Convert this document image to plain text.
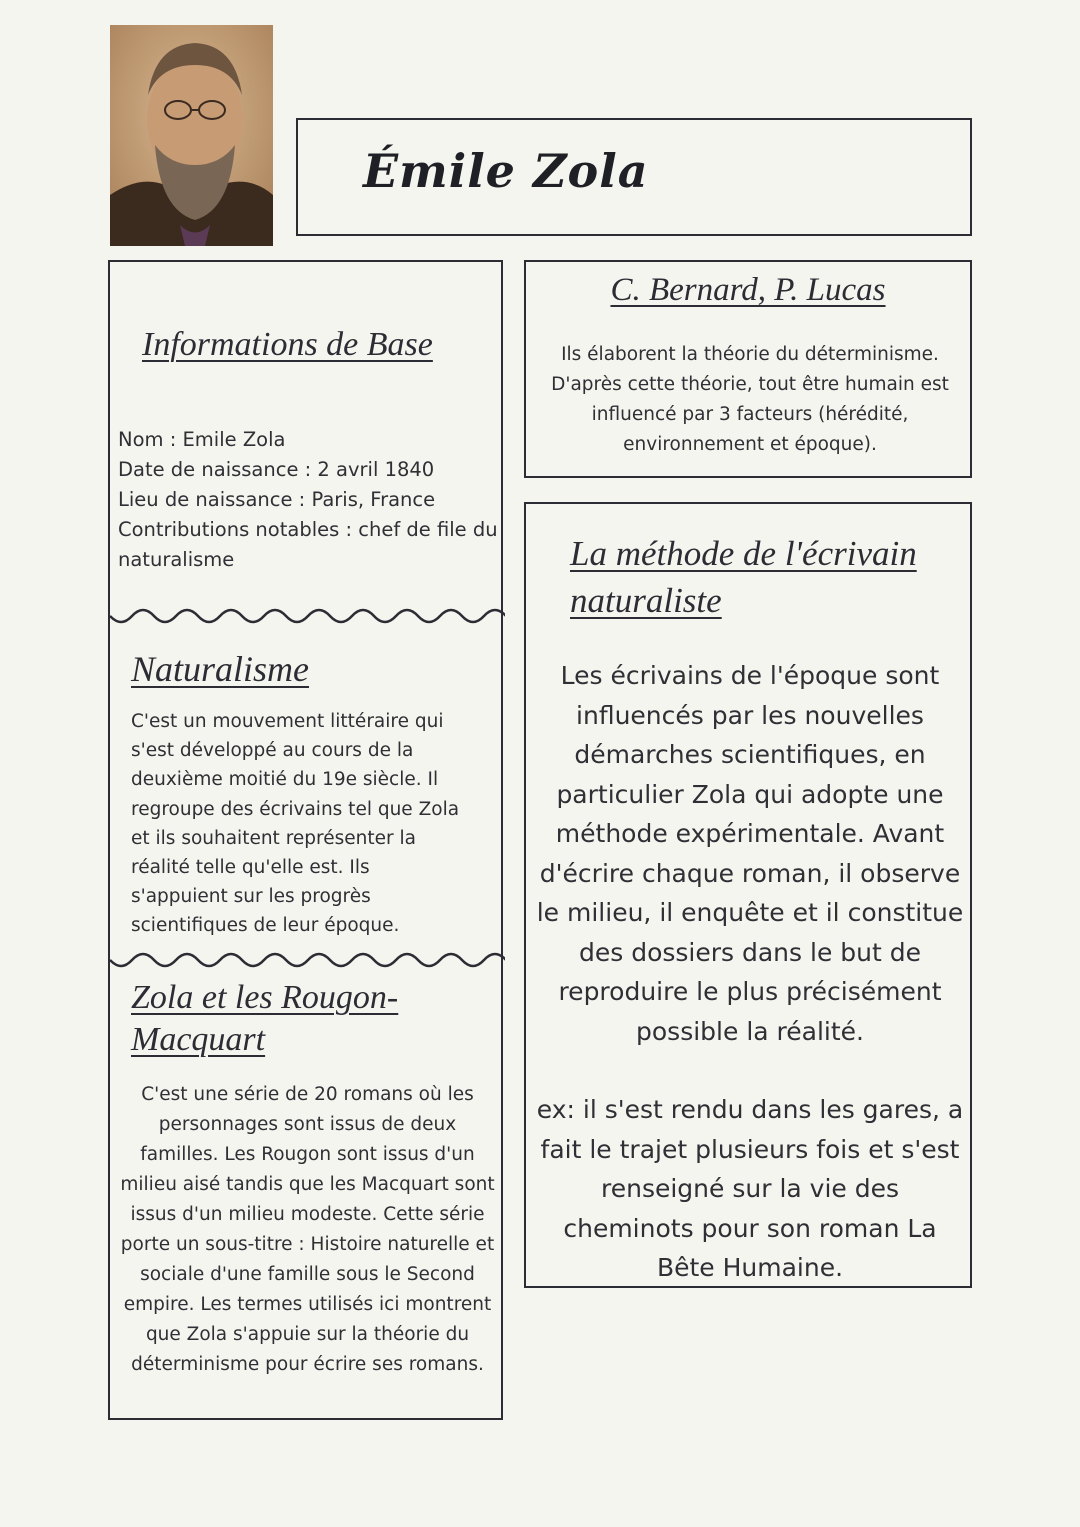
Émile Zola
Informations de Base
Nom : Emile Zola
Date de naissance : 2 avril 1840
Lieu de naissance : Paris, France
Contributions notables : chef de file du naturalisme
Naturalisme
C'est un mouvement littéraire qui s'est développé au cours de la deuxième moitié du 19e siècle. Il regroupe des écrivains tel que Zola et ils souhaitent représenter la réalité telle qu'elle est. Ils s'appuient sur les progrès scientifiques de leur époque.
Zola et les Rougon-Macquart
C'est une série de 20 romans où les personnages sont issus de deux familles. Les Rougon sont issus d'un milieu aisé tandis que les Macquart sont issus d'un milieu modeste. Cette série porte un sous-titre : Histoire naturelle et sociale d'une famille sous le Second empire. Les termes utilisés ici montrent que Zola s'appuie sur la théorie du déterminisme pour écrire ses romans.
C. Bernard, P. Lucas
Ils élaborent la théorie du déterminisme. D'après cette théorie, tout être humain est influencé par 3 facteurs (hérédité, environnement et époque).
La méthode de l'écrivain naturaliste
Les écrivains de l'époque sont influencés par les nouvelles démarches scientifiques, en particulier Zola qui adopte une méthode expérimentale. Avant d'écrire chaque roman, il observe le milieu, il enquête et il constitue des dossiers dans le but de reproduire le plus précisément possible la réalité.
ex: il s'est rendu dans les gares, a fait le trajet plusieurs fois et s'est renseigné sur la vie des cheminots pour son roman La Bête Humaine.
